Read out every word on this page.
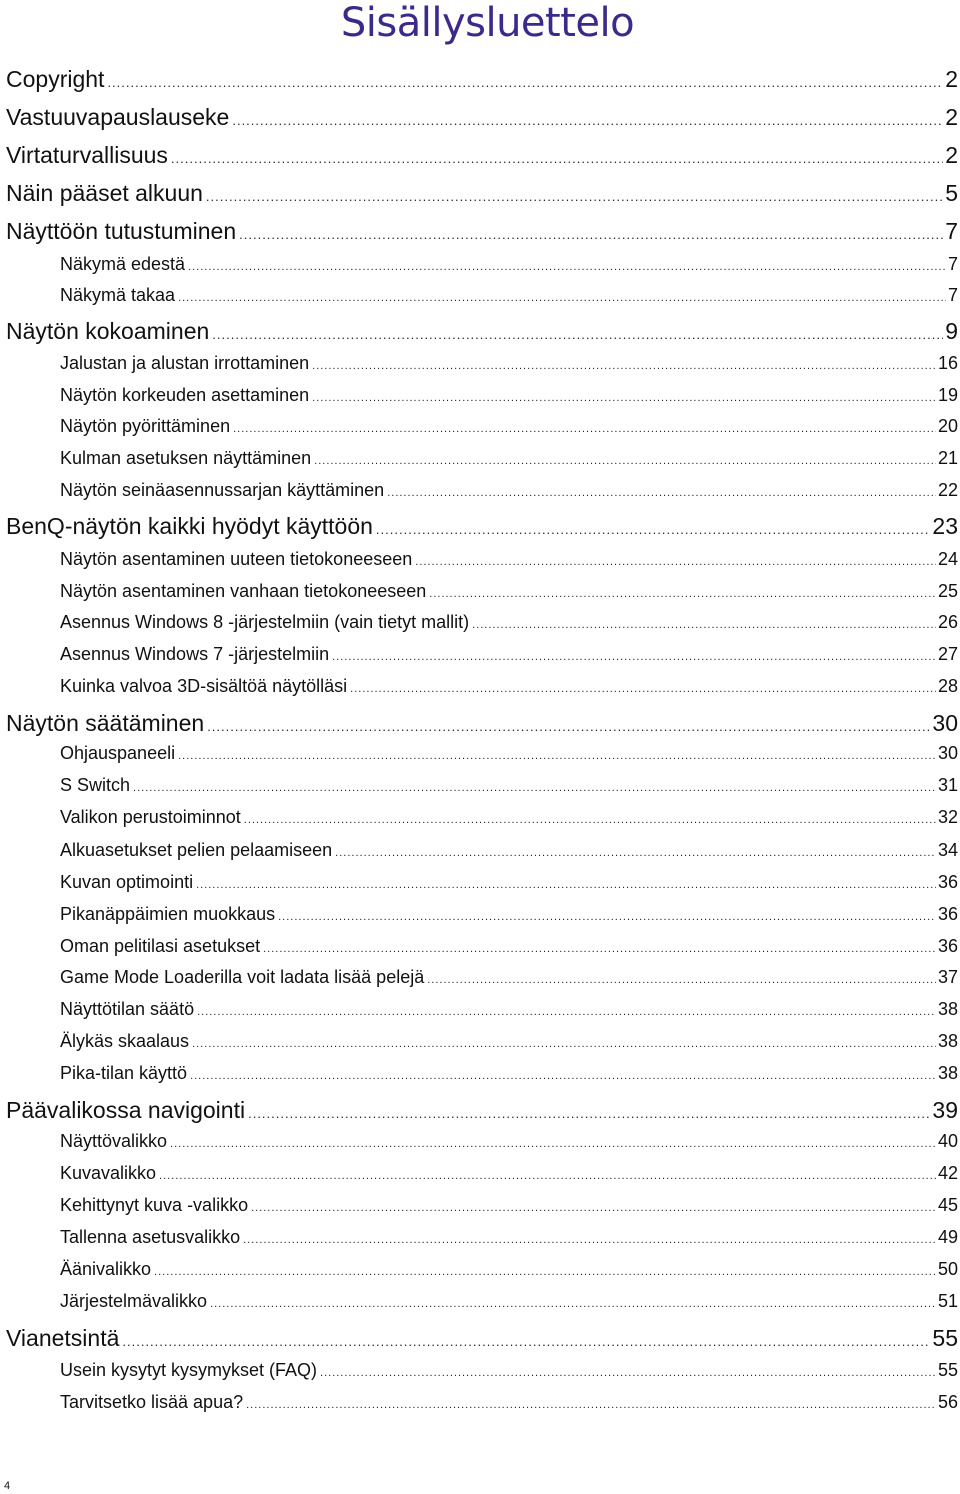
Sisällysluettelo
Copyright .....	2
Vastuuvapauslauseke .....	2
Virtaturvallisuus .....	2
Näin pääset alkuun .....	5
Näyttöön tutustuminen .....	7
Näkymä edestä .....	7
Näkymä takaa .....	7
Näytön kokoaminen .....	9
Jalustan ja alustan irrottaminen .....	16
Näytön korkeuden asettaminen .....	19
Näytön pyörittäminen .....	20
Kulman asetuksen näyttäminen .....	21
Näytön seinäasennussarjan käyttäminen .....	22
BenQ-näytön kaikki hyödyt käyttöön .....	23
Näytön asentaminen uuteen tietokoneeseen .....	24
Näytön asentaminen vanhaan tietokoneeseen .....	25
Asennus Windows 8 -järjestelmiin (vain tietyt mallit) .....	26
Asennus Windows 7 -järjestelmiin .....	27
Kuinka valvoa 3D-sisältöä näytölläsi .....	28
Näytön säätäminen .....	30
Ohjauspaneeli .....	30
S Switch .....	31
Valikon perustoiminnot .....	32
Alkuasetukset pelien pelaamiseen .....	34
Kuvan optimointi .....	36
Pikanäppäimien muokkaus .....	36
Oman pelitilasi asetukset .....	36
Game Mode Loaderilla voit ladata lisää pelejä .....	37
Näyttötilan säätö .....	38
Älykäs skaalaus .....	38
Pika-tilan käyttö .....	38
Päävalikossa navigointi .....	39
Näyttövalikko .....	40
Kuvavalikko .....	42
Kehittynyt kuva -valikko .....	45
Tallenna asetusvalikko .....	49
Äänivalikko .....	50
Järjestelmävalikko .....	51
Vianetsintä .....	55
Usein kysytyt kysymykset (FAQ) .....	55
Tarvitsetko lisää apua? .....	56
4
